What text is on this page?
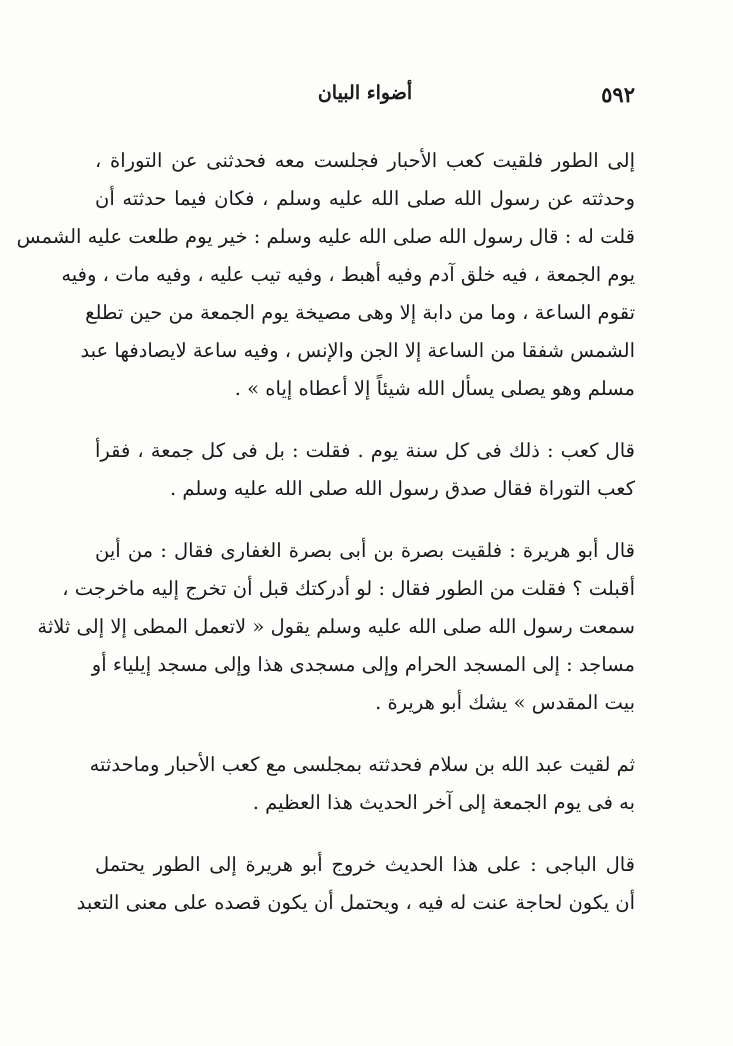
٥٩٢
أضواء البيان

إلى الطور فلقيت كعب الأحبار فجلست معه فحدثنى عن التوراة ،
وحدثته عن رسول الله صلى الله عليه وسلم ، فكان فيما حدثته أن
قلت له : قال رسول الله صلى الله عليه وسلم : خير يوم طلعت عليه الشمس
يوم الجمعة ، فيه خلق آدم وفيه أهبط ، وفيه تيب عليه ، وفيه مات ، وفيه
تقوم الساعة ، وما من دابة إلا وهى مصيخة يوم الجمعة من حين تطلع
الشمس شفقا من الساعة إلا الجن والإنس ، وفيه ساعة لايصادفها عبد
مسلم وهو يصلى يسأل الله شيئاً إلا أعطاه إياه » .

قال كعب : ذلك فى كل سنة يوم . فقلت : بل فى كل جمعة ، فقرأ
كعب التوراة فقال صدق رسول الله صلى الله عليه وسلم .

قال أبو هريرة : فلقيت بصرة بن أبى بصرة الغفارى فقال : من أين
أقبلت ؟ فقلت من الطور فقال : لو أدركتك قبل أن تخرج إليه ماخرجت ،
سمعت رسول الله صلى الله عليه وسلم يقول « لاتعمل المطى إلا إلى ثلاثة
مساجد : إلى المسجد الحرام وإلى مسجدى هذا وإلى مسجد إيلياء أو
بيت المقدس » يشك أبو هريرة .

ثم لقيت عبد الله بن سلام فحدثته بمجلسى مع كعب الأحبار وماحدثته
به فى يوم الجمعة إلى آخر الحديث هذا العظيم .

قال الباجى : على هذا الحديث خروج أبو هريرة إلى الطور يحتمل
أن يكون لحاجة عنت له فيه ، ويحتمل أن يكون قصده على معنى التعبد
